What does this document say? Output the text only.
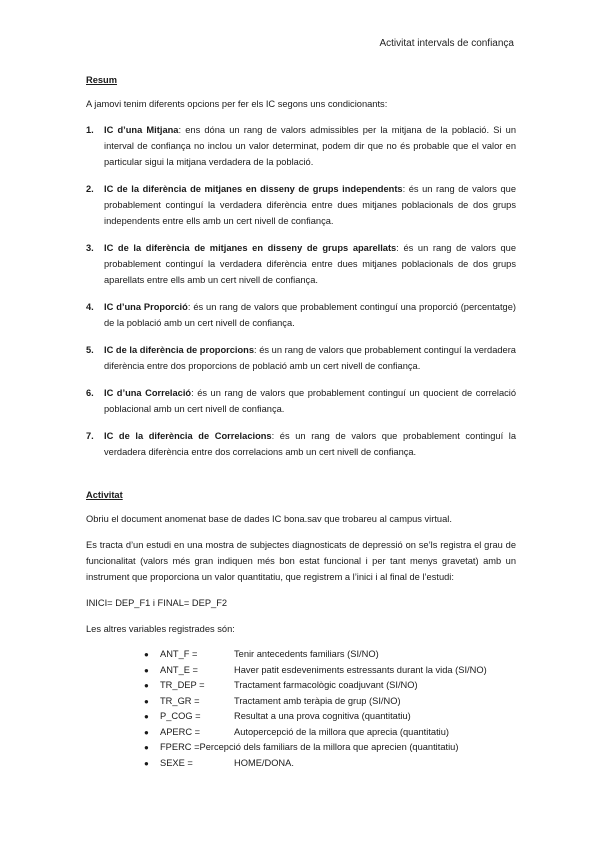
Activitat intervals de confiança
Resum

A jamovi tenim diferents opcions per fer els IC segons uns condicionants:

1. IC d’una Mitjana: ens dóna un rang de valors admissibles per la mitjana de la població. Si un interval de confiança no inclou un valor determinat, podem dir que no és probable que el valor en particular sigui la mitjana verdadera de la població.
2. IC de la diferència de mitjanes en disseny de grups independents: és un rang de valors que probablement continguí la verdadera diferència entre dues mitjanes poblacionals de dos grups independents entre ells amb un cert nivell de confiança.
3. IC de la diferència de mitjanes en disseny de grups aparellats: és un rang de valors que probablement continguí la verdadera diferència entre dues mitjanes poblacionals de dos grups aparellats entre ells amb un cert nivell de confiança.
4. IC d’una Proporció: és un rang de valors que probablement continguí una proporció (percentatge) de la població amb un cert nivell de confiança.
5. IC de la diferència de proporcions: és un rang de valors que probablement continguí la verdadera diferència entre dos proporcions de població amb un cert nivell de confiança.
6. IC d’una Correlació: és un rang de valors que probablement continguí un quocient de correlació poblacional amb un cert nivell de confiança.
7. IC de la diferència de Correlacions: és un rang de valors que probablement continguí la verdadera diferència entre dos correlacions amb un cert nivell de confiança.
Activitat

Obriu el document anomenat base de dades IC bona.sav que trobareu al campus virtual.

Es tracta d’un estudi en una mostra de subjectes diagnosticats de depressió on se’ls registra el grau de funcionalitat (valors més gran indiquen més bon estat funcional i per tant menys gravetat) amb un instrument que proporciona un valor quantitatiu, que registrem a l’inici i al final de l’estudi:

INICI= DEP_F1 i FINAL= DEP_F2

Les altres variables registrades són:

● ANT_F =	Tenir antecedents familiars (SI/NO)
● ANT_E =	Haver patit esdeveniments estressants durant la vida (SI/NO)
● TR_DEP =	Tractament farmacològic coadjuvant (SI/NO)
● TR_GR =	Tractament amb teràpia de grup (SI/NO)
● P_COG =	Resultat a una prova cognitiva (quantitatiu)
● APERC =	Autopercepció de la millora que aprecia (quantitatiu)
● FPERC =Percepció dels familiars de la millora que aprecien (quantitatiu)
● SEXE =	HOME/DONA.
